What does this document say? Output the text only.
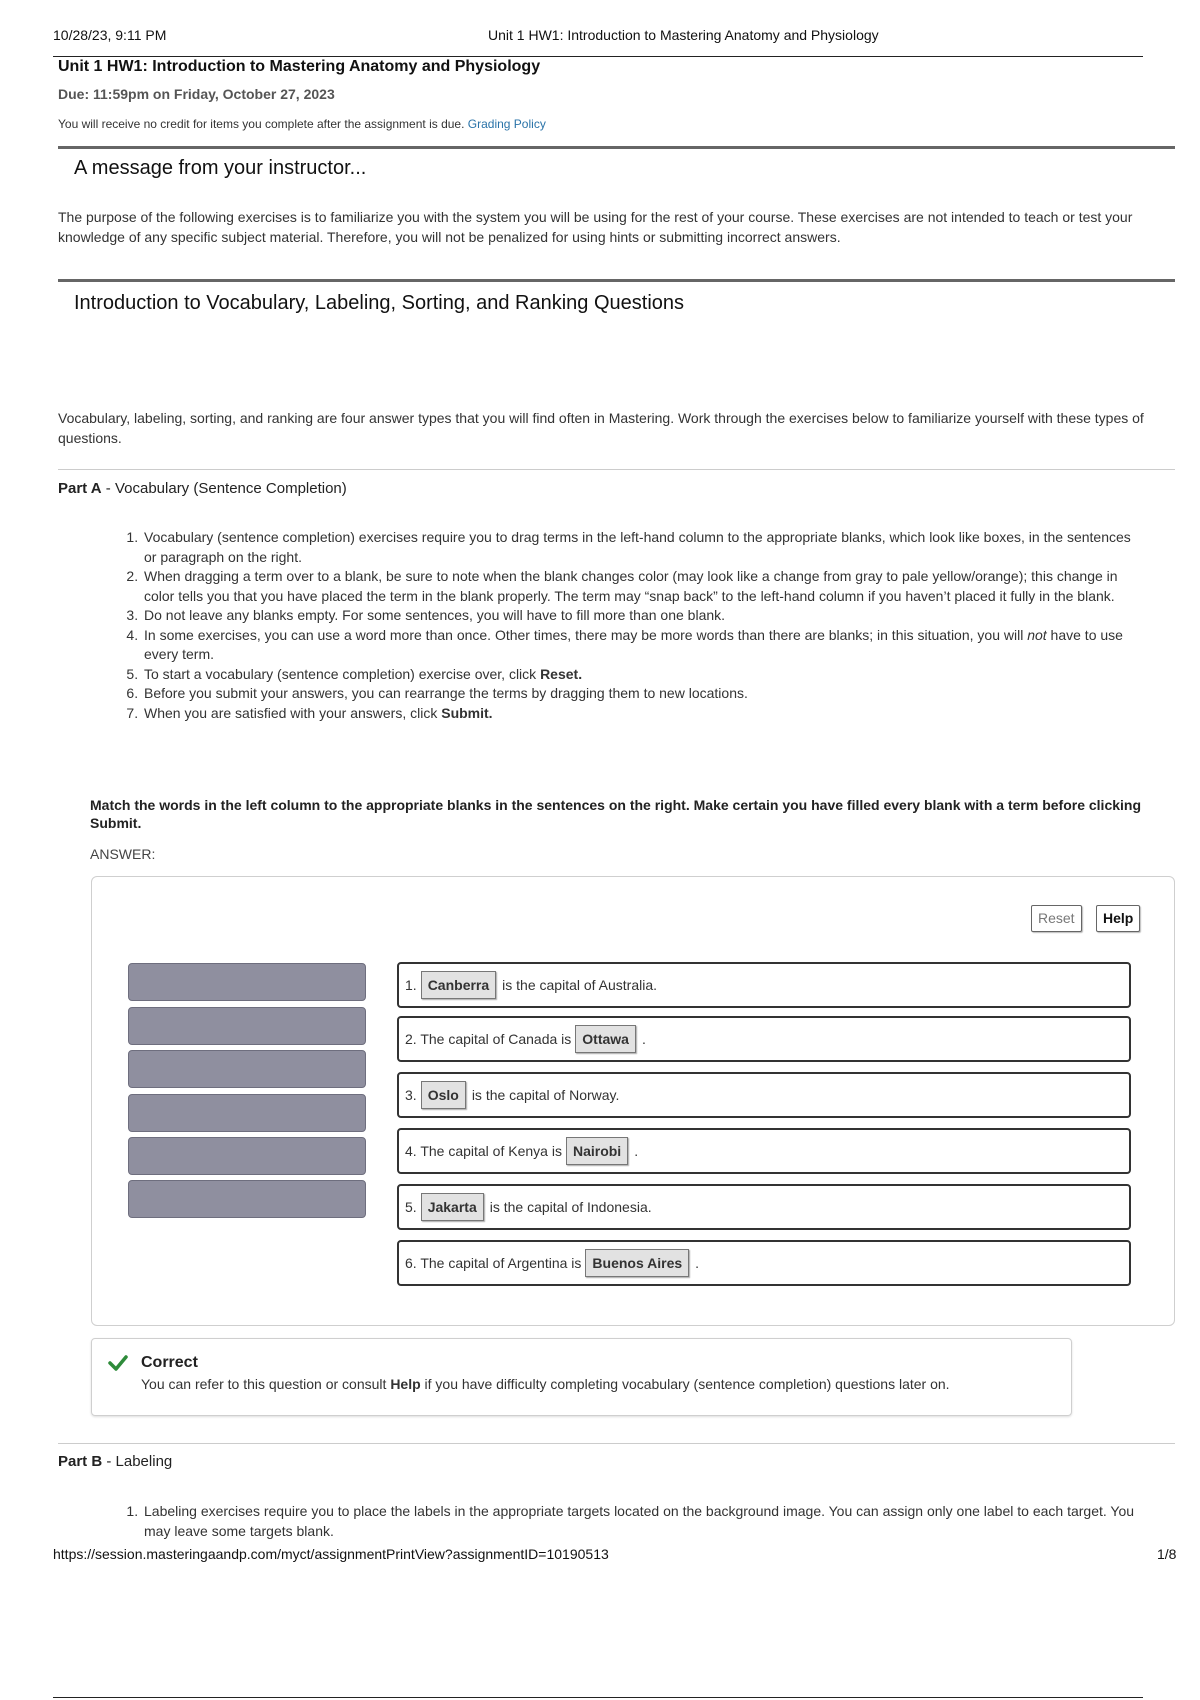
10/28/23, 9:11 PM	Unit 1 HW1: Introduction to Mastering Anatomy and Physiology
Unit 1 HW1: Introduction to Mastering Anatomy and Physiology
Due: 11:59pm on Friday, October 27, 2023
You will receive no credit for items you complete after the assignment is due. Grading Policy
A message from your instructor...
The purpose of the following exercises is to familiarize you with the system you will be using for the rest of your course. These exercises are not intended to teach or test your knowledge of any specific subject material. Therefore, you will not be penalized for using hints or submitting incorrect answers.
Introduction to Vocabulary, Labeling, Sorting, and Ranking Questions
Vocabulary, labeling, sorting, and ranking are four answer types that you will find often in Mastering. Work through the exercises below to familiarize yourself with these types of questions.
Part A - Vocabulary (Sentence Completion)
1. Vocabulary (sentence completion) exercises require you to drag terms in the left-hand column to the appropriate blanks, which look like boxes, in the sentences or paragraph on the right.
2. When dragging a term over to a blank, be sure to note when the blank changes color (may look like a change from gray to pale yellow/orange); this change in color tells you that you have placed the term in the blank properly. The term may “snap back” to the left-hand column if you haven’t placed it fully in the blank.
3. Do not leave any blanks empty. For some sentences, you will have to fill more than one blank.
4. In some exercises, you can use a word more than once. Other times, there may be more words than there are blanks; in this situation, you will not have to use every term.
5. To start a vocabulary (sentence completion) exercise over, click Reset.
6. Before you submit your answers, you can rearrange the terms by dragging them to new locations.
7. When you are satisfied with your answers, click Submit.
Match the words in the left column to the appropriate blanks in the sentences on the right. Make certain you have filled every blank with a term before clicking Submit.
ANSWER:
Reset	Help
1. Canberra is the capital of Australia.
2. The capital of Canada is Ottawa .
3. Oslo is the capital of Norway.
4. The capital of Kenya is Nairobi .
5. Jakarta is the capital of Indonesia.
6. The capital of Argentina is Buenos Aires .
Correct
You can refer to this question or consult Help if you have difficulty completing vocabulary (sentence completion) questions later on.
Part B - Labeling
1. Labeling exercises require you to place the labels in the appropriate targets located on the background image. You can assign only one label to each target. You may leave some targets blank.
https://session.masteringaandp.com/myct/assignmentPrintView?assignmentID=10190513	1/8
